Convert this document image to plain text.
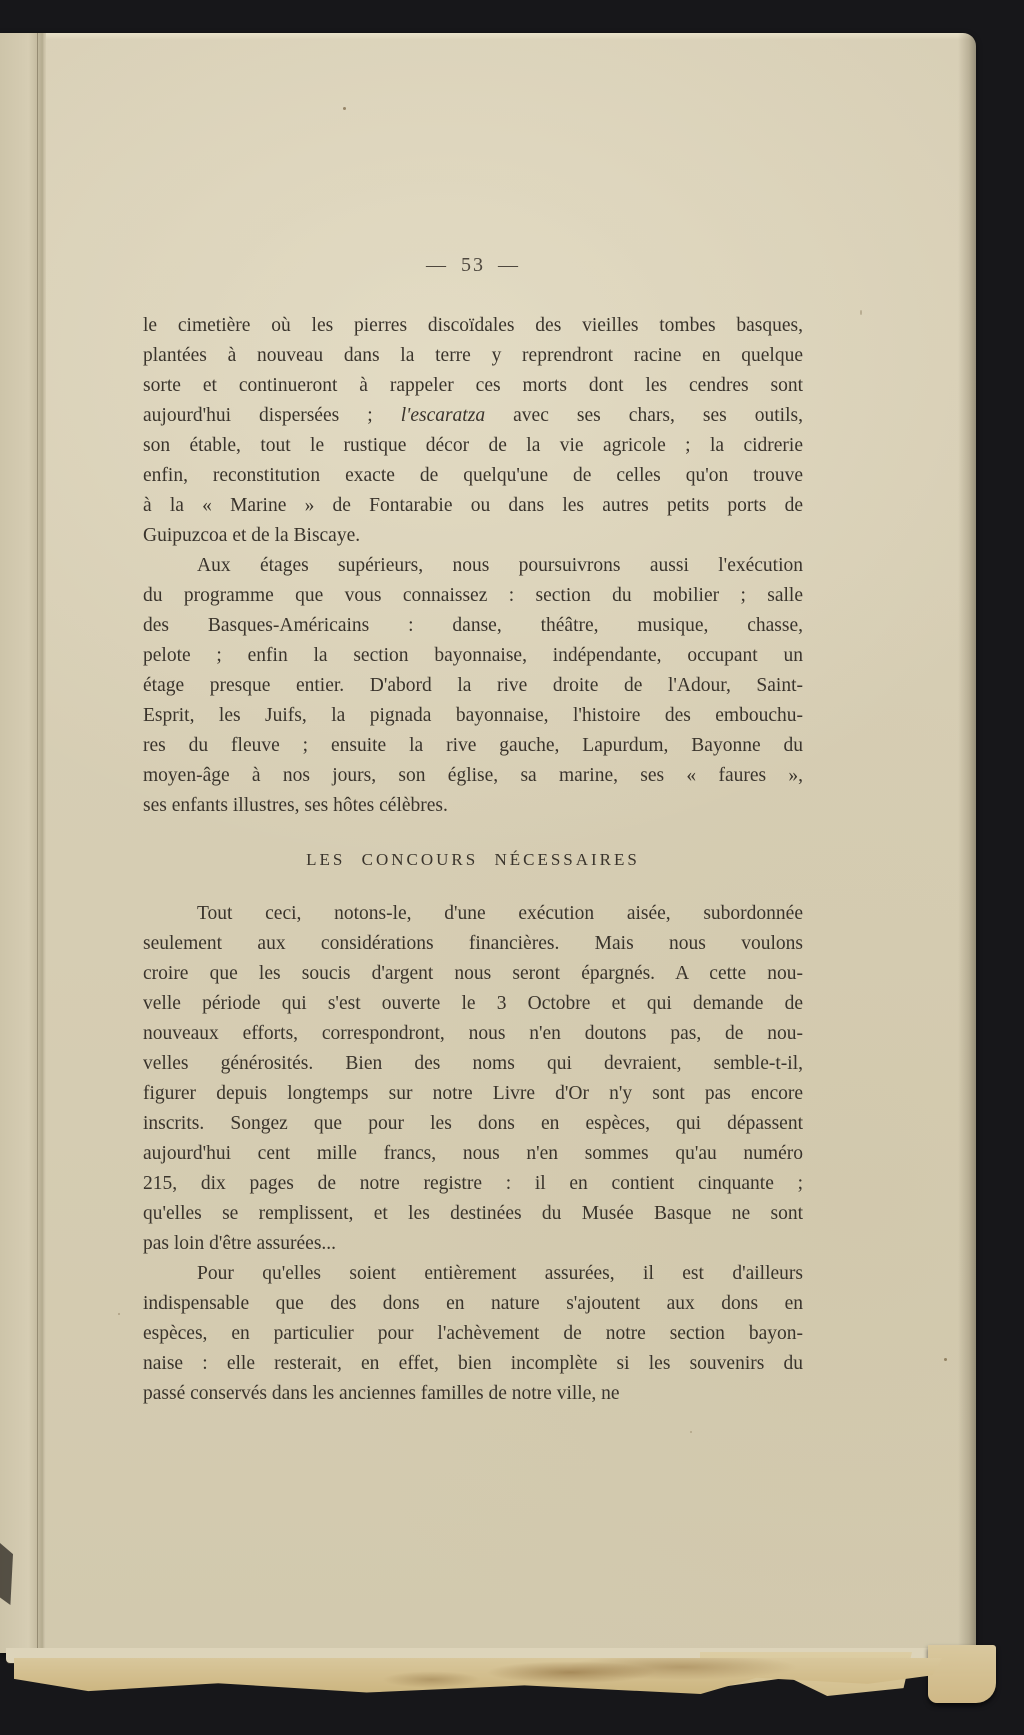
— 53 —
le cimetière où les pierres discoïdales des vieilles tombes basques,
plantées à nouveau dans la terre y reprendront racine en quelque
sorte et continueront à rappeler ces morts dont les cendres sont
aujourd'hui dispersées ; l'escaratza avec ses chars, ses outils,
son étable, tout le rustique décor de la vie agricole ; la cidrerie
enfin, reconstitution exacte de quelqu'une de celles qu'on trouve
à la « Marine » de Fontarabie ou dans les autres petits ports de
Guipuzcoa et de la Biscaye.
Aux étages supérieurs, nous poursuivrons aussi l'exécution
du programme que vous connaissez : section du mobilier ; salle
des Basques-Américains : danse, théâtre, musique, chasse,
pelote ; enfin la section bayonnaise, indépendante, occupant un
étage presque entier. D'abord la rive droite de l'Adour, Saint-
Esprit, les Juifs, la pignada bayonnaise, l'histoire des embouchu-
res du fleuve ; ensuite la rive gauche, Lapurdum, Bayonne du
moyen-âge à nos jours, son église, sa marine, ses « faures »,
ses enfants illustres, ses hôtes célèbres.
LES CONCOURS NÉCESSAIRES
Tout ceci, notons-le, d'une exécution aisée, subordonnée
seulement aux considérations financières. Mais nous voulons
croire que les soucis d'argent nous seront épargnés. A cette nou-
velle période qui s'est ouverte le 3 Octobre et qui demande de
nouveaux efforts, correspondront, nous n'en doutons pas, de nou-
velles générosités. Bien des noms qui devraient, semble-t-il,
figurer depuis longtemps sur notre Livre d'Or n'y sont pas encore
inscrits. Songez que pour les dons en espèces, qui dépassent
aujourd'hui cent mille francs, nous n'en sommes qu'au numéro
215, dix pages de notre registre : il en contient cinquante ;
qu'elles se remplissent, et les destinées du Musée Basque ne sont
pas loin d'être assurées...
Pour qu'elles soient entièrement assurées, il est d'ailleurs
indispensable que des dons en nature s'ajoutent aux dons en
espèces, en particulier pour l'achèvement de notre section bayon-
naise : elle resterait, en effet, bien incomplète si les souvenirs du
passé conservés dans les anciennes familles de notre ville, ne
